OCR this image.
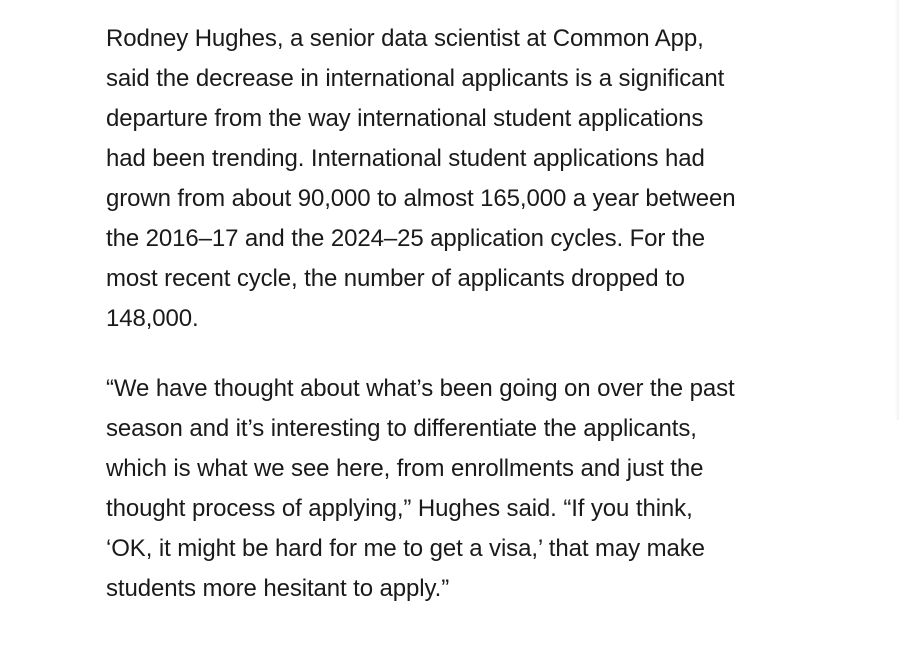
Rodney Hughes, a senior data scientist at Common App,
said the decrease in international applicants is a significant
departure from the way international student applications
had been trending. International student applications had
grown from about 90,000 to almost 165,000 a year between
the 2016–17 and the 2024–25 application cycles. For the
most recent cycle, the number of applicants dropped to
148,000.

“We have thought about what’s been going on over the past
season and it’s interesting to differentiate the applicants,
which is what we see here, from enrollments and just the
thought process of applying,” Hughes said. “If you think,
‘OK, it might be hard for me to get a visa,’ that may make
students more hesitant to apply.”
